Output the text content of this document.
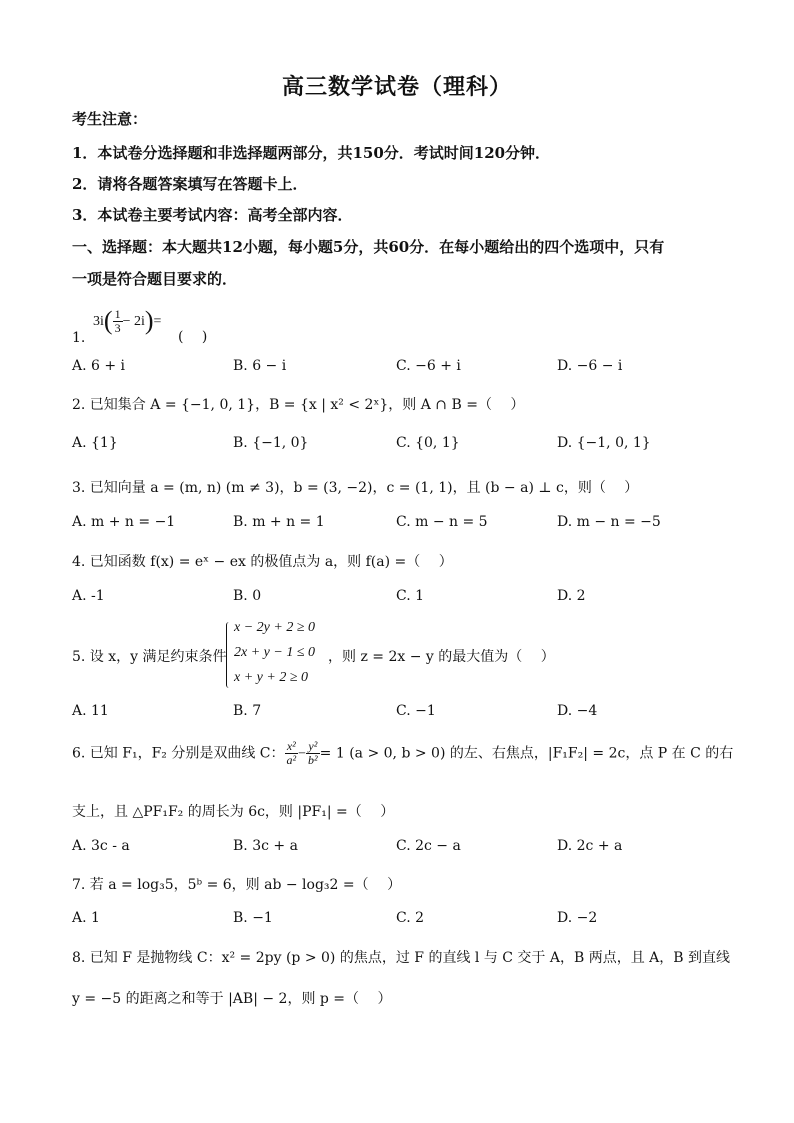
高三数学试卷（理科）
考生注意：
1．本试卷分选择题和非选择题两部分，共150分．考试时间120分钟．
2．请将各题答案填写在答题卡上．
3．本试卷主要考试内容：高考全部内容．
一、选择题：本大题共12小题，每小题5分，共60分．在每小题给出的四个选项中，只有
一项是符合题目要求的．
$3i( \frac{1}{3} - 2i)=$
1.	(　 )
A. 6 + i	B. 6 − i	C. −6 + i	D. −6 − i
2. 已知集合 A = {−1, 0, 1}，B = {x | x² < 2ˣ}，则 A ∩ B =（　 ）
A. {1}	B. {−1, 0}	C. {0, 1}	D. {−1, 0, 1}
3. 已知向量 a = (m, n) (m ≠ 3)，b = (3, −2)，c = (1, 1)，且 (b − a) ⊥ c，则（　 ）
A. m + n = −1	B. m + n = 1	C. m − n = 5	D. m − n = −5
4. 已知函数 f(x) = eˣ − ex 的极值点为 a，则 f(a) =（　 ）
A. -1	B. 0	C. 1	D. 2
5. 设 x，y 满足约束条件
x − 2y + 2 ≥ 0
2x + y − 1 ≤ 0
x + y + 2 ≥ 0
，则 z = 2x − y 的最大值为（　 ）
A. 11	B. 7	C. −1	D. −4
6. 已知 F₁，F₂ 分别是双曲线 C： $\frac{\text{x²}}{\text{a²}} - \frac{\text{y²}}{\text{b²}} = 1$ (a > 0, b > 0) 的左、右焦点，|F₁F₂| = 2c，点 P 在 C 的右
支上，且 △PF₁F₂ 的周长为 6c，则 |PF₁| =（　 ）
A. 3c - a	B. 3c + a	C. 2c − a	D. 2c + a
7. 若 a = log₃5，5ᵇ = 6，则 ab − log₃2 =（　 ）
A. 1	B. −1	C. 2	D. −2
8. 已知 F 是抛物线 C：x² = 2py (p > 0) 的焦点，过 F 的直线 l 与 C 交于 A，B 两点，且 A，B 到直线
y = −5 的距离之和等于 |AB| − 2，则 p =（　 ）
